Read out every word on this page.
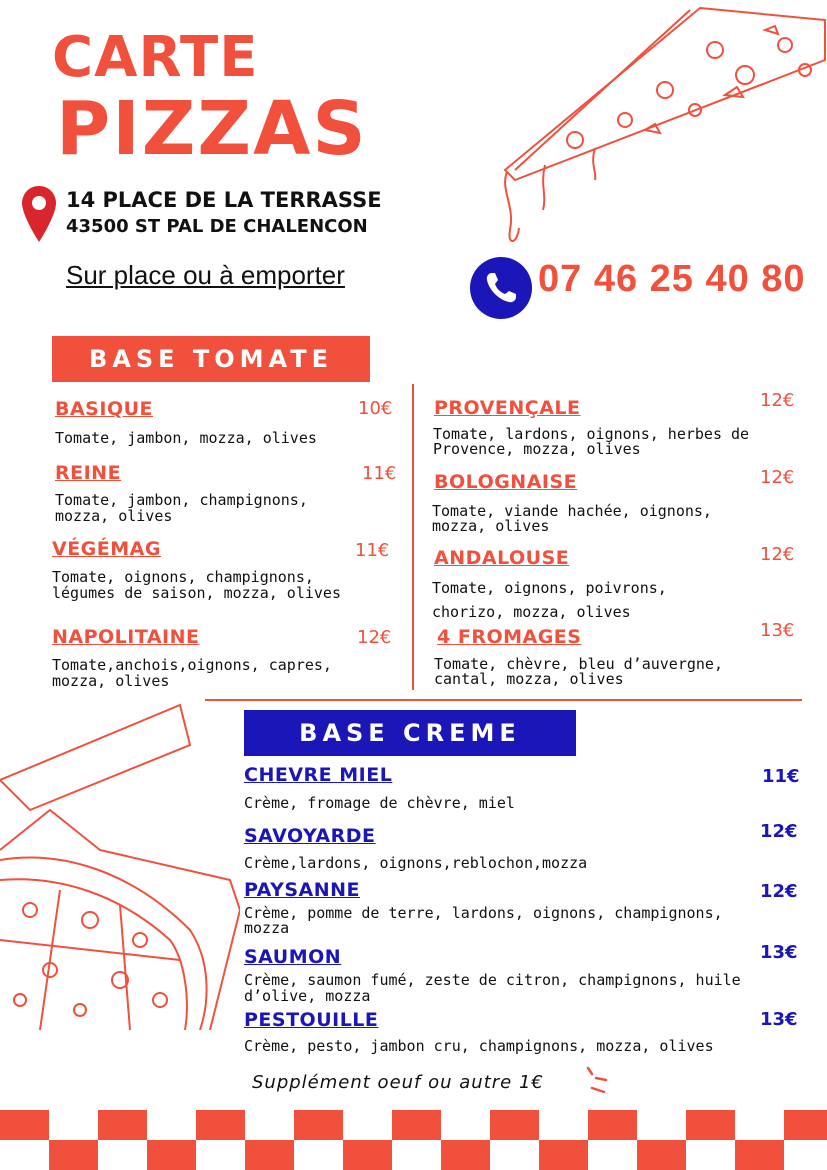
CARTE
PIZZAS
14 PLACE DE LA TERRASSE
43500 ST PAL DE CHALENCON
Sur place ou à emporter	07 46 25 40 80
BASE TOMATE
BASIQUE	10€
Tomate, jambon, mozza, olives
REINE	11€
Tomate, jambon, champignons,
mozza, olives
VÉGÉMAG	11€
Tomate, oignons, champignons,
légumes de saison, mozza, olives
NAPOLITAINE	12€
Tomate,anchois,oignons, capres,
mozza, olives
PROVENÇALE	12€
Tomate, lardons, oignons, herbes de
Provence, mozza, olives
BOLOGNAISE	12€
Tomate, viande hachée, oignons,
mozza, olives
ANDALOUSE	12€
Tomate, oignons, poivrons,
chorizo, mozza, olives
4 FROMAGES	13€
Tomate, chèvre, bleu d’auvergne,
cantal, mozza, olives
BASE CREME
CHEVRE MIEL	11€
Crème, fromage de chèvre, miel
SAVOYARDE	12€
Crème,lardons, oignons,reblochon,mozza
PAYSANNE	12€
Crème, pomme de terre, lardons, oignons, champignons,
mozza
SAUMON	13€
Crème, saumon fumé, zeste de citron, champignons, huile
d’olive, mozza
PESTOUILLE	13€
Crème, pesto, jambon cru, champignons, mozza, olives
Supplément oeuf ou autre 1€
